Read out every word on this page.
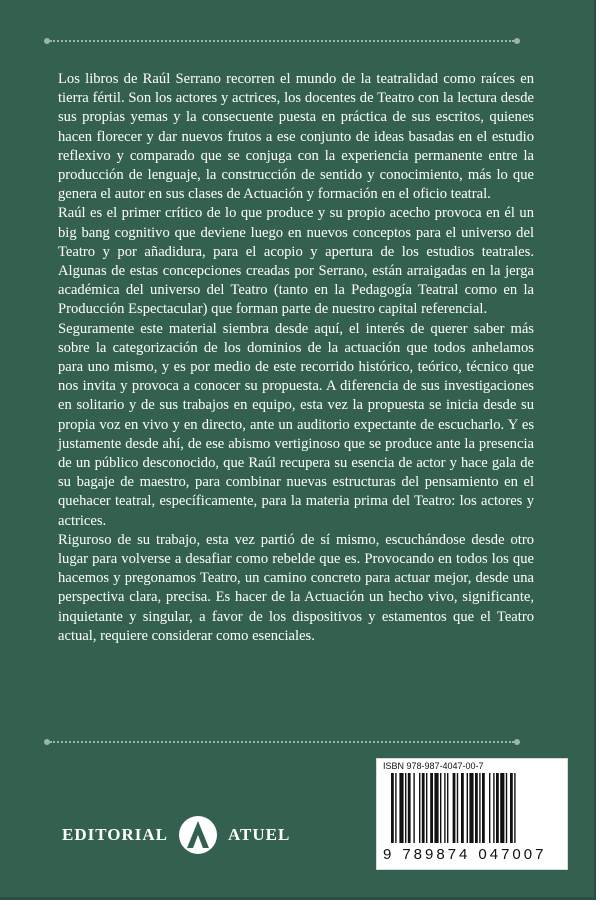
Los libros de Raúl Serrano recorren el mundo de la teatralidad como raíces en tierra fértil. Son los actores y actrices, los docentes de Teatro con la lectura desde sus propias yemas y la consecuente puesta en práctica de sus escritos, quienes hacen florecer y dar nuevos frutos a ese conjunto de ideas basadas en el estudio reflexivo y comparado que se conjuga con la experiencia permanente entre la producción de lenguaje, la construcción de sentido y conocimiento, más lo que genera el autor en sus clases de Actuación y formación en el oficio teatral.

Raúl es el primer crítico de lo que produce y su propio acecho provoca en él un big bang cognitivo que deviene luego en nuevos conceptos para el universo del Teatro y por añadidura, para el acopio y apertura de los estudios teatrales. Algunas de estas concepciones creadas por Serrano, están arraigadas en la jerga académica del universo del Teatro (tanto en la Pedagogía Teatral como en la Producción Espectacular) que forman parte de nuestro capital referencial.

Seguramente este material siembra desde aquí, el interés de querer saber más sobre la categorización de los dominios de la actuación que todos anhelamos para uno mismo, y es por medio de este recorrido histórico, teórico, técnico que nos invita y provoca a conocer su propuesta. A diferencia de sus investigaciones en solitario y de sus trabajos en equipo, esta vez la propuesta se inicia desde su propia voz en vivo y en directo, ante un auditorio expectante de escucharlo. Y es justamente desde ahí, de ese abismo vertiginoso que se produce ante la presencia de un público desconocido, que Raúl recupera su esencia de actor y hace gala de su bagaje de maestro, para combinar nuevas estructuras del pensamiento en el quehacer teatral, específicamente, para la materia prima del Teatro: los actores y actrices.

Riguroso de su trabajo, esta vez partió de sí mismo, escuchándose desde otro lugar para volverse a desafiar como rebelde que es. Provocando en todos los que hacemos y pregonamos Teatro, un camino concreto para actuar mejor, desde una perspectiva clara, precisa. Es hacer de la Actuación un hecho vivo, significante, inquietante y singular, a favor de los dispositivos y estamentos que el Teatro actual, requiere considerar como esenciales.

EDITORIAL	ATUEL
ISBN 978-987-4047-00-7
9 789874 047007
